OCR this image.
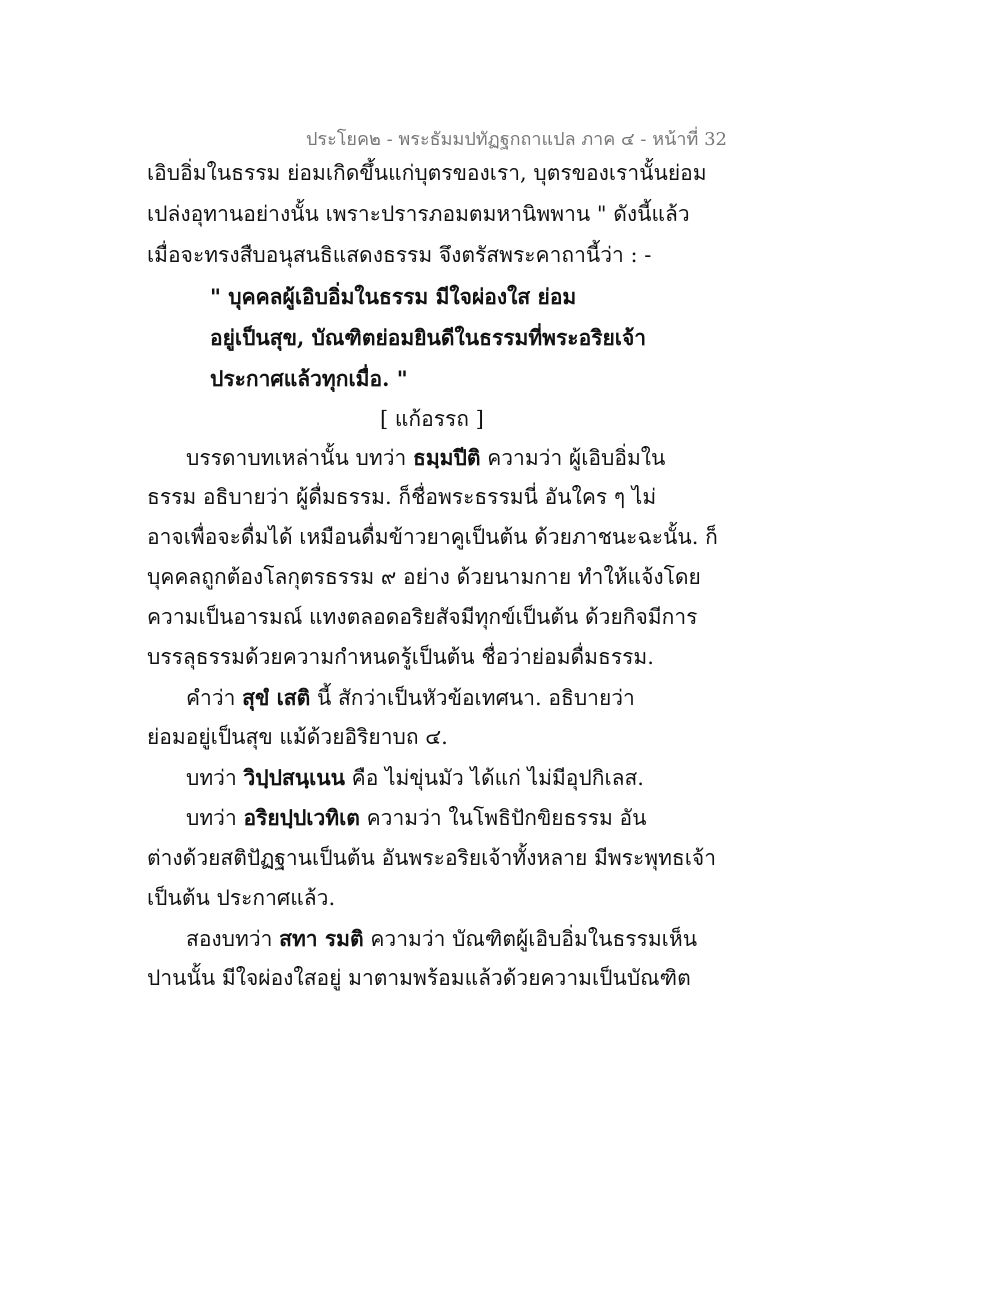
ประโยค๒ - พระธัมมปทัฏฐกถาแปล ภาค ๔ - หน้าที่ 32
เอิบอิ่มในธรรม ย่อมเกิดขึ้นแก่บุตรของเรา, บุตรของเรานั้นย่อม
เปล่งอุทานอย่างนั้น เพราะปรารภอมตมหานิพพาน " ดังนี้แล้ว
เมื่อจะทรงสืบอนุสนธิแสดงธรรม จึงตรัสพระคาถานี้ว่า : -
" บุคคลผู้เอิบอิ่มในธรรม มีใจผ่องใส ย่อม
อยู่เป็นสุข, บัณฑิตย่อมยินดีในธรรมที่พระอริยเจ้า
ประกาศแล้วทุกเมื่อ. "
[ แก้อรรถ ]
บรรดาบทเหล่านั้น บทว่า ธมฺมปีติ ความว่า ผู้เอิบอิ่มใน
ธรรม อธิบายว่า ผู้ดื่มธรรม. ก็ชื่อพระธรรมนี่ อันใคร ๆ ไม่
อาจเพื่อจะดื่มได้ เหมือนดื่มข้าวยาคูเป็นต้น ด้วยภาชนะฉะนั้น. ก็
บุคคลถูกต้องโลกุตรธรรม ๙ อย่าง ด้วยนามกาย ทำให้แจ้งโดย
ความเป็นอารมณ์ แทงตลอดอริยสัจมีทุกข์เป็นต้น ด้วยกิจมีการ
บรรลุธรรมด้วยความกำหนดรู้เป็นต้น ชื่อว่าย่อมดื่มธรรม.
คำว่า สุขํ เสติ นี้ สักว่าเป็นหัวข้อเทศนา. อธิบายว่า
ย่อมอยู่เป็นสุข แม้ด้วยอิริยาบถ ๔.
บทว่า วิปฺปสนฺเนน คือ ไม่ขุ่นมัว ได้แก่ ไม่มีอุปกิเลส.
บทว่า อริยปฺปเวทิเต ความว่า ในโพธิปักขิยธรรม อัน
ต่างด้วยสติปัฏฐานเป็นต้น อันพระอริยเจ้าทั้งหลาย มีพระพุทธเจ้า
เป็นต้น ประกาศแล้ว.
สองบทว่า สทา รมติ ความว่า บัณฑิตผู้เอิบอิ่มในธรรมเห็น
ปานนั้น มีใจผ่องใสอยู่ มาตามพร้อมแล้วด้วยความเป็นบัณฑิต
